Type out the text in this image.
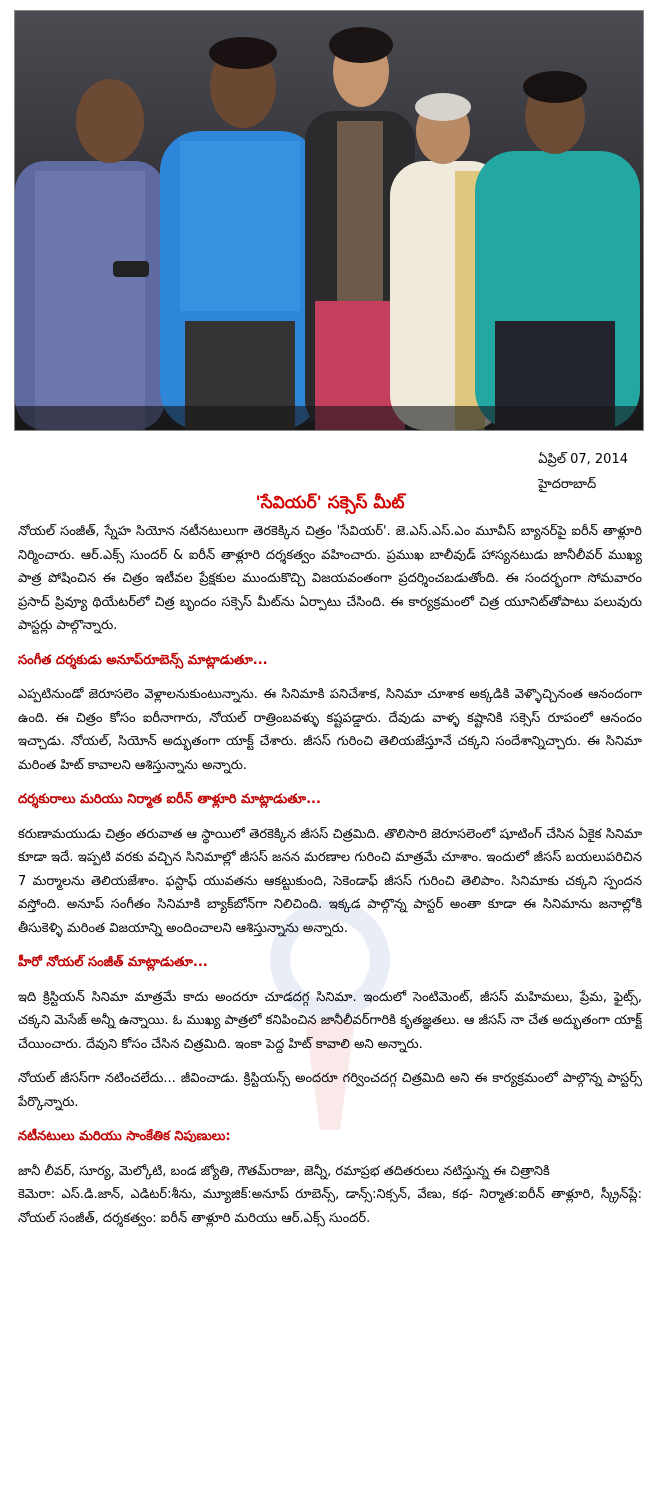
ఏప్రిల్ 07, 2014
హైదరాబాద్
'సేవియర్' సక్సెస్ మీట్

నోయల్ సంజీత్, స్నేహ సియోన నటీనటులుగా తెరకెక్కిన చిత్రం 'సేవియర్'. జె.ఎస్.ఎస్.ఎం మూవీస్ బ్యానర్‌పై ఐరీన్ తాళ్లూరి నిర్మించారు. ఆర్.ఎక్స్ సుందర్ & ఐరీన్ తాళ్లూరి దర్శకత్వం వహించారు. ప్రముఖ బాలీవుడ్ హాస్యనటుడు జానీలీవర్ ముఖ్య పాత్ర పోషించిన ఈ చిత్రం ఇటీవల ప్రేక్షకుల ముందుకొచ్చి విజయవంతంగా ప్రదర్శించబడుతోంది. ఈ సందర్భంగా సోమవారం ప్రసాద్ ప్రివ్యూ థియేటర్‌లో చిత్ర బృందం సక్సెస్ మీట్‌ను ఏర్పాటు చేసింది. ఈ కార్యక్రమంలో చిత్ర యూనిట్‌తోపాటు పలువురు పాస్టర్లు పాల్గొన్నారు.

సంగీత దర్శకుడు అనూప్‌రూబెన్స్ మాట్లాడుతూ...

ఎప్పటినుండో జెరూసలెం వెళ్లాలనుకుంటున్నాను. ఈ సినిమాకి పనిచేశాక, సినిమా చూశాక అక్కడికి వెళ్ళొచ్చినంత ఆనందంగా ఉంది. ఈ చిత్రం కోసం ఐరీనాగారు, నోయల్ రాత్రింబవళ్ళు కష్టపడ్డారు. దేవుడు వాళ్ళ కష్టానికి సక్సెస్ రూపంలో ఆనందం ఇచ్చాడు. నోయల్, సియోన్ అద్భుతంగా యాక్ట్ చేశారు. జీసస్ గురించి తెలియజేస్తూనే చక్కని సందేశాన్నిచ్చారు. ఈ సినిమా మరింత హిట్ కావాలని ఆశిస్తున్నాను అన్నారు.

దర్శకురాలు మరియు నిర్మాత ఐరీన్ తాళ్లూరి మాట్లాడుతూ...

కరుణామయుడు చిత్రం తరువాత ఆ స్థాయిలో తెరకెక్కిన జీసస్ చిత్రమిది. తొలిసారి జెరూసలెంలో షూటింగ్ చేసిన ఏకైక సినిమా కూడా ఇదే. ఇప్పటి వరకు వచ్చిన సినిమాల్లో జీసస్ జనన మరణాల గురించి మాత్రమే చూశాం. ఇందులో జీసస్ బయలుపరిచిన 7 మర్మాలను తెలియజేశాం. ఫస్టాఫ్ యువతను ఆకట్టుకుంది, సెకెండాఫ్ జీసస్ గురించి తెలిపాం. సినిమాకు చక్కని స్పందన వస్తోంది. అనూప్ సంగీతం సినిమాకి బ్యాక్‌బోన్‌గా నిలిచింది. ఇక్కడ పాల్గొన్న పాస్టర్ అంతా కూడా ఈ సినిమాను జనాల్లోకి తీసుకెళ్ళి మరింత విజయాన్ని అందించాలని ఆశిస్తున్నాను అన్నారు.

హీరో నోయల్ సంజీత్ మాట్లాడుతూ...

ఇది క్రిస్టియన్ సినిమా మాత్రమే కాదు అందరూ చూడదగ్గ సినిమా. ఇందులో సెంటిమెంట్, జీసస్ మహిమలు, ప్రేమ, ఫైట్స్, చక్కని మెసేజ్ అన్నీ ఉన్నాయి. ఓ ముఖ్య పాత్రలో కనిపించిన జానీలీవర్‌గారికి కృతజ్ఞతలు. ఆ జీసస్ నా చేత అద్భుతంగా యాక్ట్ చేయించారు. దేవుని కోసం చేసిన చిత్రమిది. ఇంకా పెద్ద హిట్ కావాలి అని అన్నారు.

నోయల్ జీసస్‌గా నటించలేదు... జీవించాడు. క్రిస్టియన్స్ అందరూ గర్వించదగ్గ చిత్రమిది అని ఈ కార్యక్రమంలో పాల్గొన్న పాస్టర్స్ పేర్కొన్నారు.

నటీనటులు మరియు సాంకేతిక నిపుణులు:

జానీ లీవర్, సూర్య, మెల్కోటి, బండ జ్యోతి, గౌతమ్‌రాజు, జెన్నీ, రమాప్రభ తదితరులు నటిస్తున్న ఈ చిత్రానికి
కెమెరా: ఎస్.డి.జాన్, ఎడిటర్:శీను, మ్యూజిక్:అనూప్ రూబెన్స్, డాన్స్:నిక్సన్, వేణు, కథ- నిర్మాత:ఐరీన్ తాళ్లూరి, స్క్రీన్‌ప్లే: నోయల్ సంజీత్, దర్శకత్వం: ఐరీన్ తాళ్లూరి మరియు ఆర్.ఎక్స్ సుందర్.
